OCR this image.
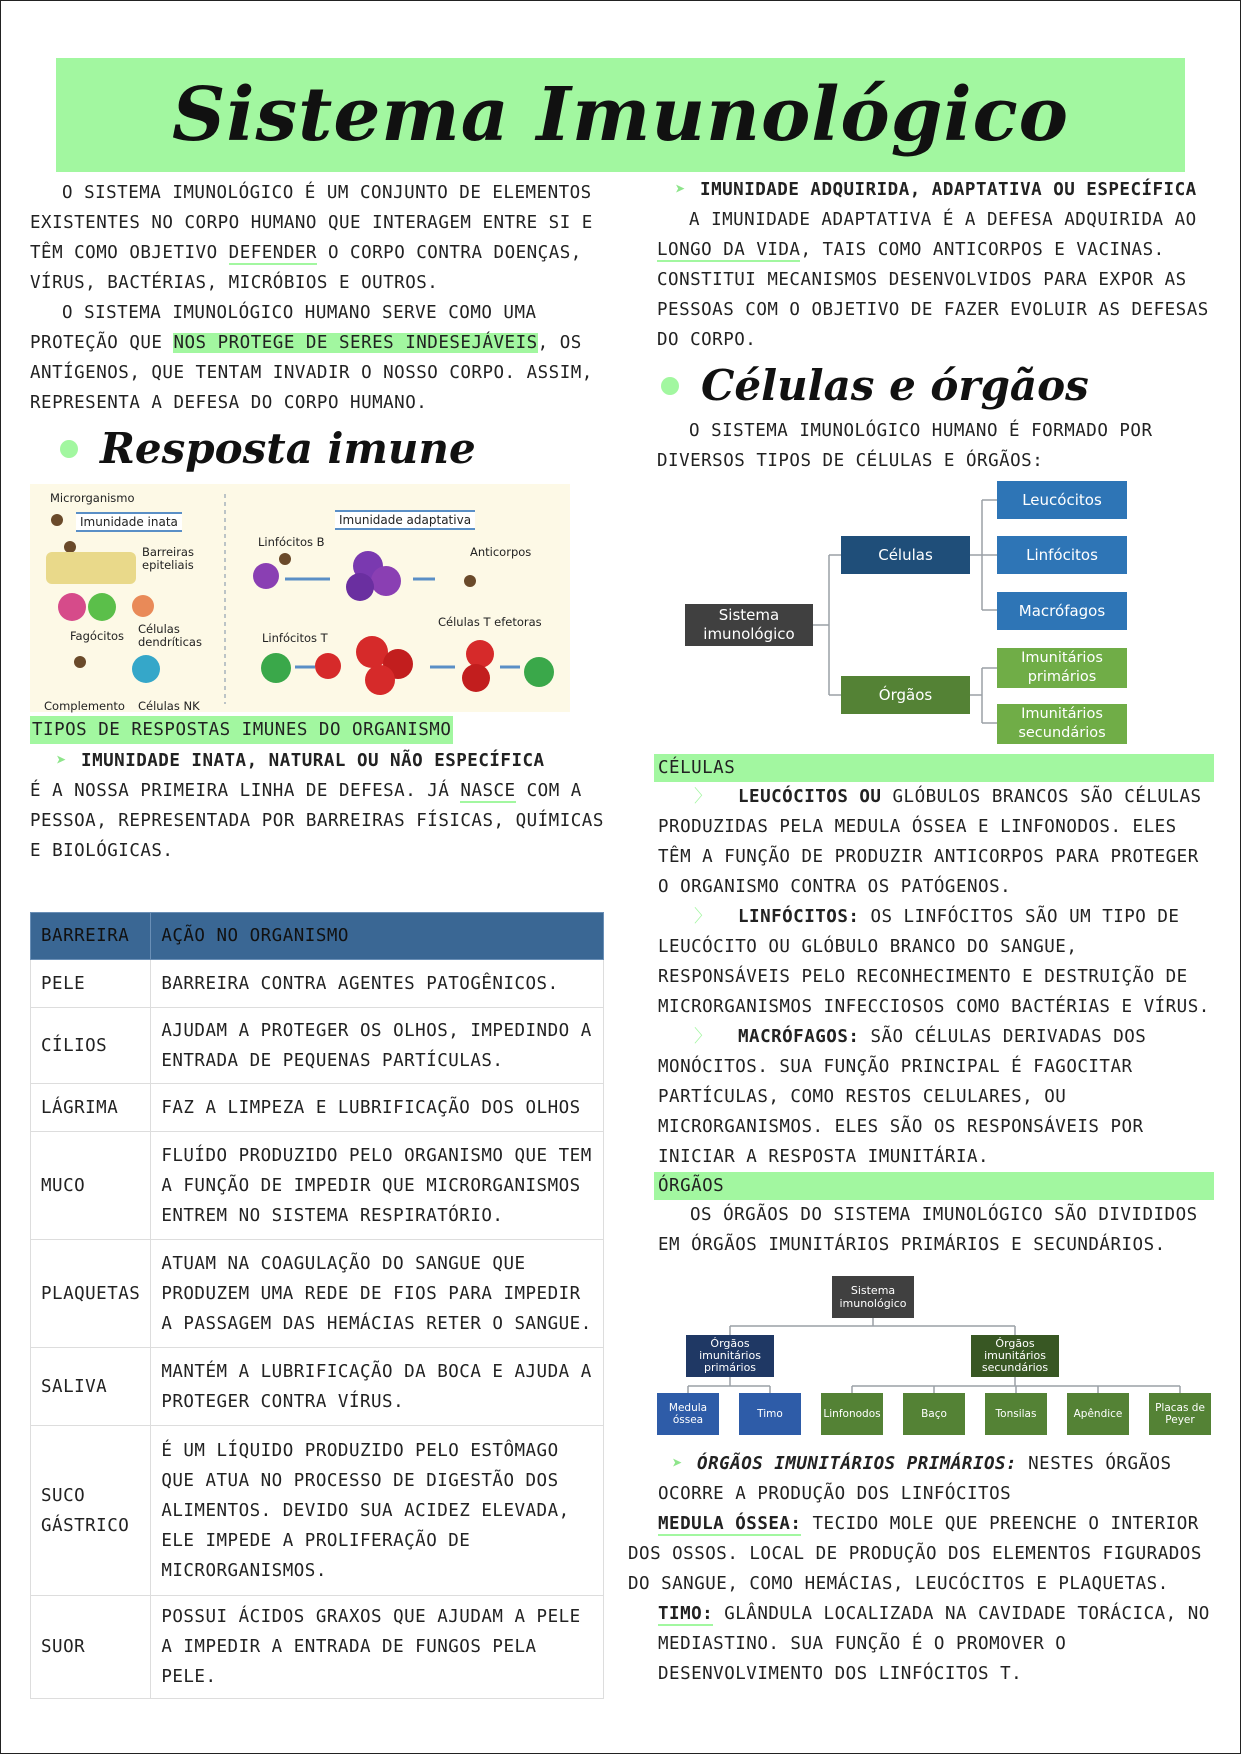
Sistema Imunológico

O SISTEMA IMUNOLÓGICO É UM CONJUNTO DE ELEMENTOS EXISTENTES NO CORPO HUMANO QUE INTERAGEM ENTRE SI E TÊM COMO OBJETIVO DEFENDER O CORPO CONTRA DOENÇAS, VÍRUS, BACTÉRIAS, MICRÓBIOS E OUTROS.

O SISTEMA IMUNOLÓGICO HUMANO SERVE COMO UMA PROTEÇÃO QUE NOS PROTEGE DE SERES INDESEJÁVEIS, OS ANTÍGENOS, QUE TENTAM INVADIR O NOSSO CORPO. ASSIM, REPRESENTA A DEFESA DO CORPO HUMANO.

Resposta imune
Microrganismo
Imunidade inata	Imunidade adaptativa
Barreiras epiteliais
Linfócitos B
Anticorpos
Fagócitos Células dendríticas
Células T efetoras
Linfócitos T
Complemento Células NK
TIPOS DE RESPOSTAS IMUNES DO ORGANISMO

➤ IMUNIDADE INATA, NATURAL OU NÃO ESPECÍFICA

É A NOSSA PRIMEIRA LINHA DE DEFESA. JÁ NASCE COM A PESSOA, REPRESENTADA POR BARREIRAS FÍSICAS, QUÍMICAS E BIOLÓGICAS.

BARREIRA	AÇÃO NO ORGANISMO
PELE	BARREIRA CONTRA AGENTES PATOGÊNICOS.
CÍLIOS	AJUDAM A PROTEGER OS OLHOS, IMPEDINDO A ENTRADA DE PEQUENAS PARTÍCULAS.
LÁGRIMA	FAZ A LIMPEZA E LUBRIFICAÇÃO DOS OLHOS
MUCO	FLUÍDO PRODUZIDO PELO ORGANISMO QUE TEM A FUNÇÃO DE IMPEDIR QUE MICRORGANISMOS ENTREM NO SISTEMA RESPIRATÓRIO.
PLAQUETAS	ATUAM NA COAGULAÇÃO DO SANGUE QUE PRODUZEM UMA REDE DE FIOS PARA IMPEDIR A PASSAGEM DAS HEMÁCIAS RETER O SANGUE.
SALIVA	MANTÉM A LUBRIFICAÇÃO DA BOCA E AJUDA A PROTEGER CONTRA VÍRUS.
SUCO GÁSTRICO	É UM LÍQUIDO PRODUZIDO PELO ESTÔMAGO QUE ATUA NO PROCESSO DE DIGESTÃO DOS ALIMENTOS. DEVIDO SUA ACIDEZ ELEVADA, ELE IMPEDE A PROLIFERAÇÃO DE MICRORGANISMOS.
SUOR	POSSUI ÁCIDOS GRAXOS QUE AJUDAM A PELE A IMPEDIR A ENTRADA DE FUNGOS PELA PELE.

➤ IMUNIDADE ADQUIRIDA, ADAPTATIVA OU ESPECÍFICA

A IMUNIDADE ADAPTATIVA É A DEFESA ADQUIRIDA AO LONGO DA VIDA, TAIS COMO ANTICORPOS E VACINAS. CONSTITUI MECANISMOS DESENVOLVIDOS PARA EXPOR AS PESSOAS COM O OBJETIVO DE FAZER EVOLUIR AS DEFESAS DO CORPO.

Células e órgãos

O SISTEMA IMUNOLÓGICO HUMANO É FORMADO POR DIVERSOS TIPOS DE CÉLULAS E ÓRGÃOS:

Sistema imunológico
Células
Órgãos
Leucócitos
Linfócitos
Macrófagos
Imunitários primários
Imunitários secundários
CÉLULAS

〉 LEUCÓCITOS OU GLÓBULOS BRANCOS SÃO CÉLULAS PRODUZIDAS PELA MEDULA ÓSSEA E LINFONODOS. ELES TÊM A FUNÇÃO DE PRODUZIR ANTICORPOS PARA PROTEGER O ORGANISMO CONTRA OS PATÓGENOS.

〉 LINFÓCITOS: OS LINFÓCITOS SÃO UM TIPO DE LEUCÓCITO OU GLÓBULO BRANCO DO SANGUE, RESPONSÁVEIS PELO RECONHECIMENTO E DESTRUIÇÃO DE MICRORGANISMOS INFECCIOSOS COMO BACTÉRIAS E VÍRUS.

〉 MACRÓFAGOS: SÃO CÉLULAS DERIVADAS DOS MONÓCITOS. SUA FUNÇÃO PRINCIPAL É FAGOCITAR PARTÍCULAS, COMO RESTOS CELULARES, OU MICRORGANISMOS. ELES SÃO OS RESPONSÁVEIS POR INICIAR A RESPOSTA IMUNITÁRIA.

ÓRGÃOS

OS ÓRGÃOS DO SISTEMA IMUNOLÓGICO SÃO DIVIDIDOS EM ÓRGÃOS IMUNITÁRIOS PRIMÁRIOS E SECUNDÁRIOS.

Sistema imunológico
Órgãos imunitários primários
Órgãos imunitários secundários
Medula óssea
Timo	Linfonodos	Baço	Tonsilas	Apêndice	Placas de Peyer

➤ ÓRGÃOS IMUNITÁRIOS PRIMÁRIOS: NESTES ÓRGÃOS OCORRE A PRODUÇÃO DOS LINFÓCITOS

MEDULA ÓSSEA: TECIDO MOLE QUE PREENCHE O INTERIOR DOS OSSOS. LOCAL DE PRODUÇÃO DOS ELEMENTOS FIGURADOS DO SANGUE, COMO HEMÁCIAS, LEUCÓCITOS E PLAQUETAS.

TIMO: GLÂNDULA LOCALIZADA NA CAVIDADE TORÁCICA, NO MEDIASTINO. SUA FUNÇÃO É O PROMOVER O DESENVOLVIMENTO DOS LINFÓCITOS T.
